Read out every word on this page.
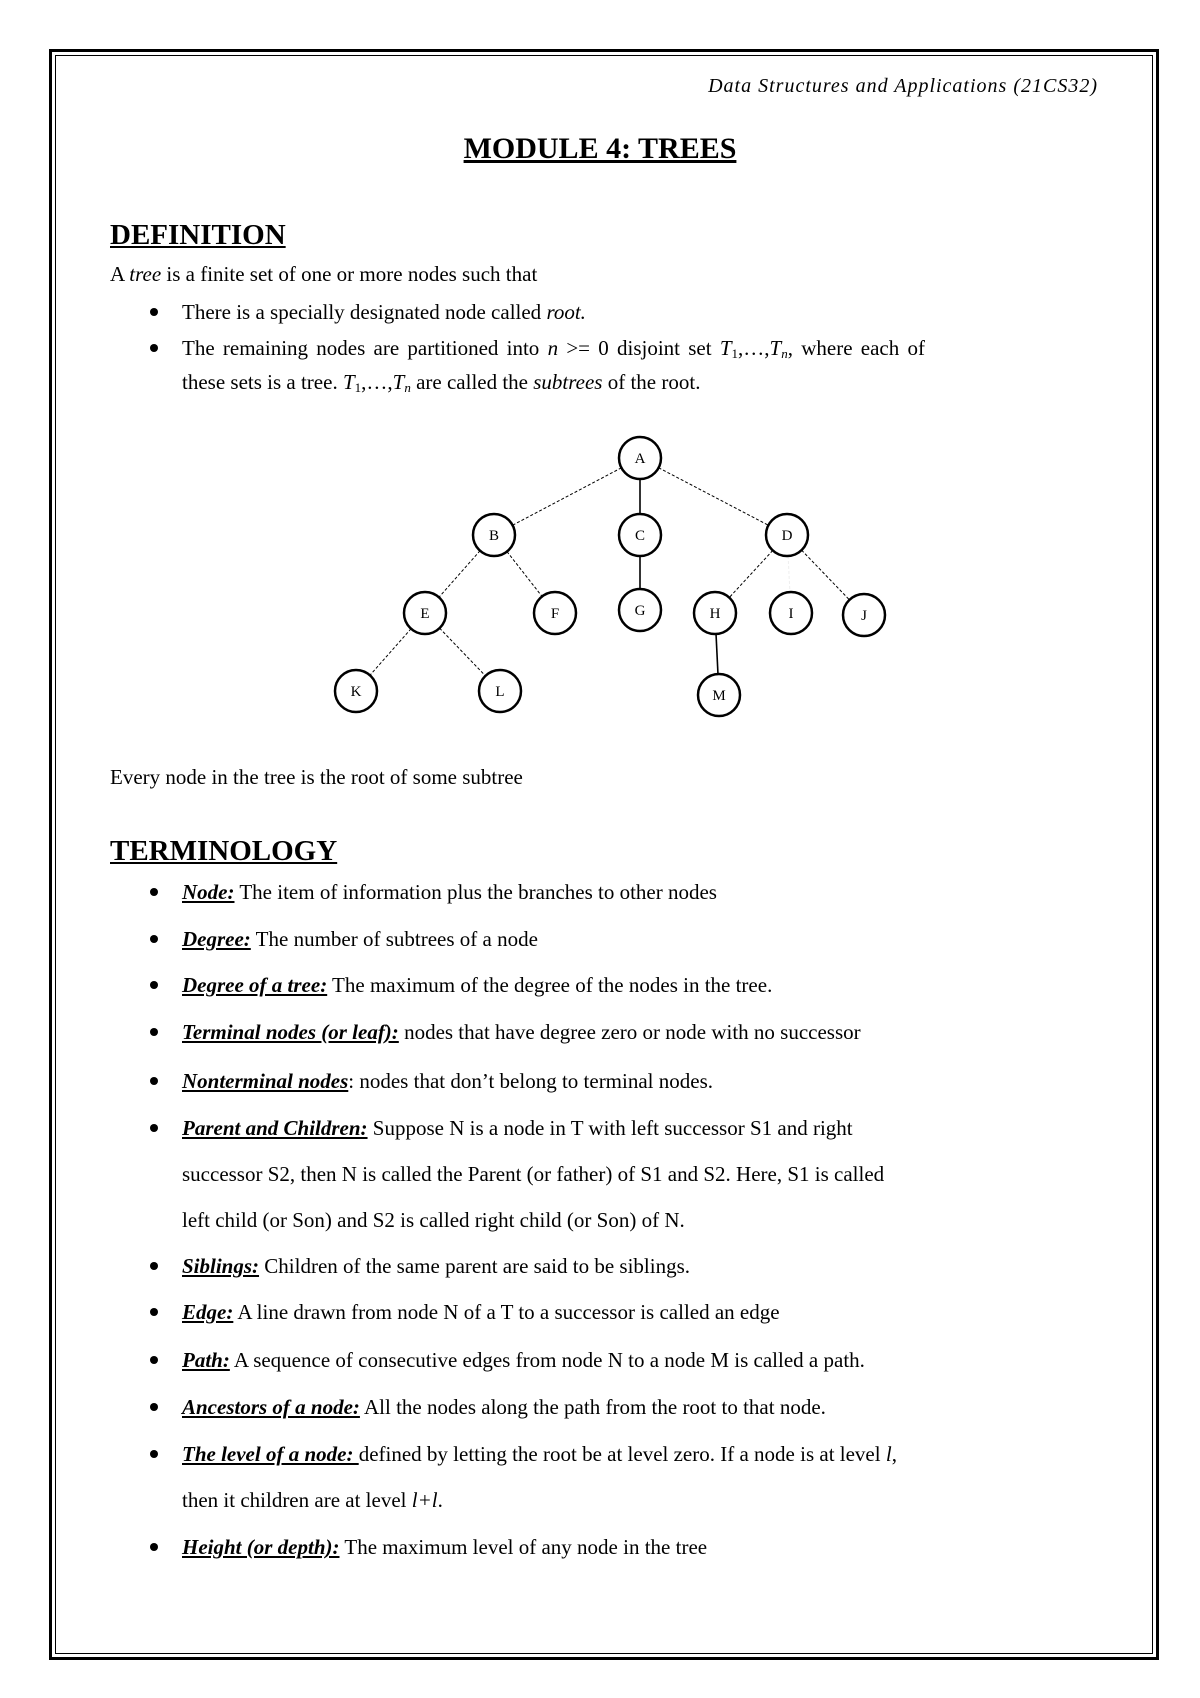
Data Structures and Applications (21CS32)
MODULE 4: TREES
DEFINITION
A tree is a finite set of one or more nodes such that
There is a specially designated node called root.
The remaining nodes are partitioned into n >= 0 disjoint set $T_1,\dots,T_n$, where each of
these sets is a tree. $T_1,\dots,T_n$ are called the subtrees of the root.
A
B	C	D
E	F	G	H	I	J
K	L	M
Every node in the tree is the root of some subtree
TERMINOLOGY
Node: The item of information plus the branches to other nodes
Degree: The number of subtrees of a node
Degree of a tree: The maximum of the degree of the nodes in the tree.
Terminal nodes (or leaf): nodes that have degree zero or node with no successor
Nonterminal nodes: nodes that don’t belong to terminal nodes.
Parent and Children: Suppose N is a node in T with left successor S1 and right
successor S2, then N is called the Parent (or father) of S1 and S2. Here, S1 is called
left child (or Son) and S2 is called right child (or Son) of N.
Siblings: Children of the same parent are said to be siblings.
Edge: A line drawn from node N of a T to a successor is called an edge
Path: A sequence of consecutive edges from node N to a node M is called a path.
Ancestors of a node: All the nodes along the path from the root to that node.
The level of a node: defined by letting the root be at level zero. If a node is at level l,
then it children are at level l+l.
Height (or depth): The maximum level of any node in the tree
